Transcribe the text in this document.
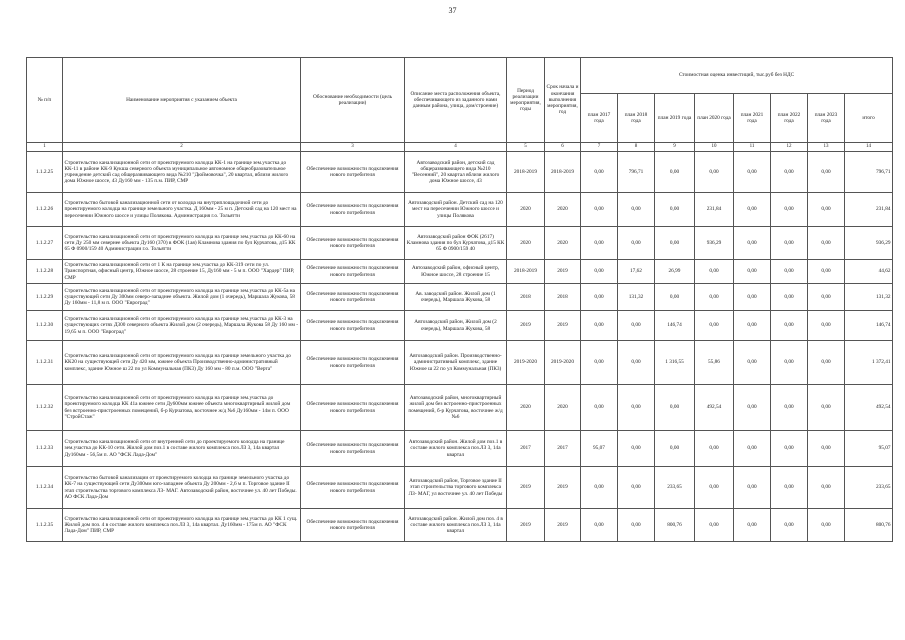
37
№ п/п	Наименование мероприятия с указанием объекта	Обоснование необходимости (цель реализации)	Описание места расположения объекта, обеспечивающего из заданного нами данным района, улица, дом/строение)	Период реализации мероприятия, годы	Срок начала и окончания выполнения мероприятия, год	Стоимостная оценка инвестиций, тыс.руб без НДС							
						план 2017 года	план 2018 года	план 2019 года	план 2020 года	план 2021 года	план 2022 года	план 2023 года	итого
1	2	3	4	5	6	7	8	9	10	11	12	13	14
1.1.2.25	Строительство канализационной сети от проектируемого колодца КК-1 на границе зем.участка до КК-11 в районе КК-9 Кукша северного объекта муниципальное автономное общеобразовательное учреждение детский сад общеразвивающего вида №210 "Дюймовочка", 20 квартал, вблизи жилого дома Южное шоссе, 43 Ду160 мм - 135 п.м. ПИР, СМР	Обеспечение возможности подключения нового потребителя	Автозаводский район, детский сад общеразвивающего вида №210 "Весенний", 20 квартал вблизи жилого дома Южное шоссе, 43	2018-2019	2018-2019	0,00	796,71	0,00	0,00	0,00	0,00	0,00	796,71
1.1.2.26	Строительство бытовой канализационной сети от колодца на внутриплощадочной сети до проектируемого колодца на границе земельного участка. Д 160мм - 25 м п. Детский сад на 120 мест на пересечении Южного шоссе и улицы Полякова. Администрация г.о. Тольятти	Обеспечение возможности подключения нового потребителя	Автозаводский район. Детский сад на 120 мест на пересечении Южного шоссе и улицы Полякова	2020	2020	0,00	0,00	0,00	231,84	0,00	0,00	0,00	231,84
1.1.2.27	Строительство канализационной сети от проектируемого колодца на границе зем.участка до КК-60 на сети Ду 250 мм севернее объекта Ду160 (370) в ФОК (1ая) Кламнова здания по бул Курчатова, д15 КК 65 Ф 0900/159 40 Администрации г.о. Тольятти	Обеспечение возможности подключения нового потребителя	Автозаводский район ФОК (2617) Кламнова здания по бул Курчатова, д15 КК 65 Ф 0900/159 40	2020	2020	0,00	0,00	0,00	936,29	0,00	0,00	0,00	936,29
1.1.2.28	Строительство канализационной сети от 1 К на границе зем.участка до КК-319 сети по ул. Транспортная, офисный центр, Южное шоссе, 28 строение 15, Ду160 мм - 5 м п. ООО "Хардер" ПИР, СМР	Обеспечение возможности подключения нового потребителя	Автозаводский район, офисный центр, Южное шоссе, 28 строение 15	2018-2019	2019	0,00	17,62	26,99	0,00	0,00	0,00	0,00	44,62
1.1.2.29	Строительство канализационной сети от проектируемого колодца на границе зем.участка до КК-5а на существующей сети Ду 300мм северо-западнее объекта. Жилой дом (1 очередь), Маршала Жукова, 58 Ду 160мм - 11,8 м п. ООО "Евроград"	Обеспечение возможности подключения нового потребителя	Ав. заводский район. Жилой дом (1 очередь), Маршала Жукова, 58	2018	2018	0,00	131,32	0,00	0,00	0,00	0,00	0,00	131,32
1.1.2.30	Строительство канализационной сети от проектируемого колодца на границе зем.участка до КК-3 на существующих сетях Д300 северного объекта Жилой дом (2 очередь), Маршала Жукова 58 Ду 160 мм - 19,65 м п. ООО "Евроград"	Обеспечение возможности подключения нового потребителя	Автозаводский район, Жилой дом (2 очередь), Маршала Жукова, 58	2019	2019	0,00	0,00	146,74	0,00	0,00	0,00	0,00	146,74
1.1.2.31	Строительство канализационной сети от проектируемого колодца на границе земельного участка до КК20 на существующей сети Ду 420 мм, южнее объекта Производственно-административный комплекс, здание Южное ш 22 по ул Коммунальная (ПК3) Ду 160 мм - 80 п.м. ООО "Верта"	Обеспечение возможности подключения нового потребителя	Автозаводский район. Производственно-административный комплекс, здание Южное ш 22 по ул Коммунальная (ПК3)	2019-2020	2019-2020	0,00	0,00	1 316,55	55,86	0,00	0,00	0,00	1 372,41
1.1.2.32	Строительство канализационной сети от проектируемого колодца на границе зем.участка до проектируемого колодца КК 41а южнее сети Ду600мм южнее объекта многоквартирный жилой дом без встроенно-пристроенных помещений, б-р Курчатова, восточнее ж/д №6 Ду160мм - 14м п. ООО "СтройСтаж"	Обеспечение возможности подключения нового потребителя	Автозаводский район, многоквартирный жилой дом без встроенно-пристроенных помещений, б-р Курчатова, восточнее ж/д №6	2020	2020	0,00	0,00	0,00	492,54	0,00	0,00	0,00	492,54
1.1.2.33	Строительство канализационной сети от внутренней сети до проектируемого колодца на границе зем.участка до КК-10 сети. Жилой дом поз.1 в составе жилого комплекса поз.ЛЗ 3, 14а квартал Ду160мм - 56,5м п. АО "ФСК Лада-Дом"	Обеспечение возможности подключения нового потребителя	Автозаводский район. Жилой дом поз.1 в составе жилого комплекса поз.ЛЗ 3, 14а квартал	2017	2017	95,07	0,00	0,00	0,00	0,00	0,00	0,00	95,07
1.1.2.34	Строительство бытовой канализации от проектируемого колодца на границе земельного участка до КК-7 на существующей сети Ду300мм юго-западнее объекта Ду 200мм - 2,6 м п. Торговое здание II этап строительства торгового комплекса ЛЗ- МАГ. Автозаводский район, восточнее ул. 40 лет Победы. АО ФСК Лада-Дом	Обеспечение возможности подключения нового потребителя	Автозаводский район, Торговое здание II этап строительства торгового комплекса ЛЗ- МАГ, ул восточнее ул. 40 лет Победы	2019	2019	0,00	0,00	233,65	0,00	0,00	0,00	0,00	233,65
1.1.2.35	Строительство канализационной сети от проектируемого колодца на границе зем.участка до КК 1 сущ. Жилой дом поз. 4 в составе жилого комплекса поз.ЛЗ 3, 14а квартал. Ду160мм - 175м п. АО "ФСК Лада-Дом" ПИР, СМР	Обеспечение возможности подключения нового потребителя	Автозаводский район. Жилой дом поз. 4 в составе жилого комплекса поз.ЛЗ 3, 14а квартал	2019	2019	0,00	0,00	800,76	0,00	0,00	0,00	0,00	800,76
